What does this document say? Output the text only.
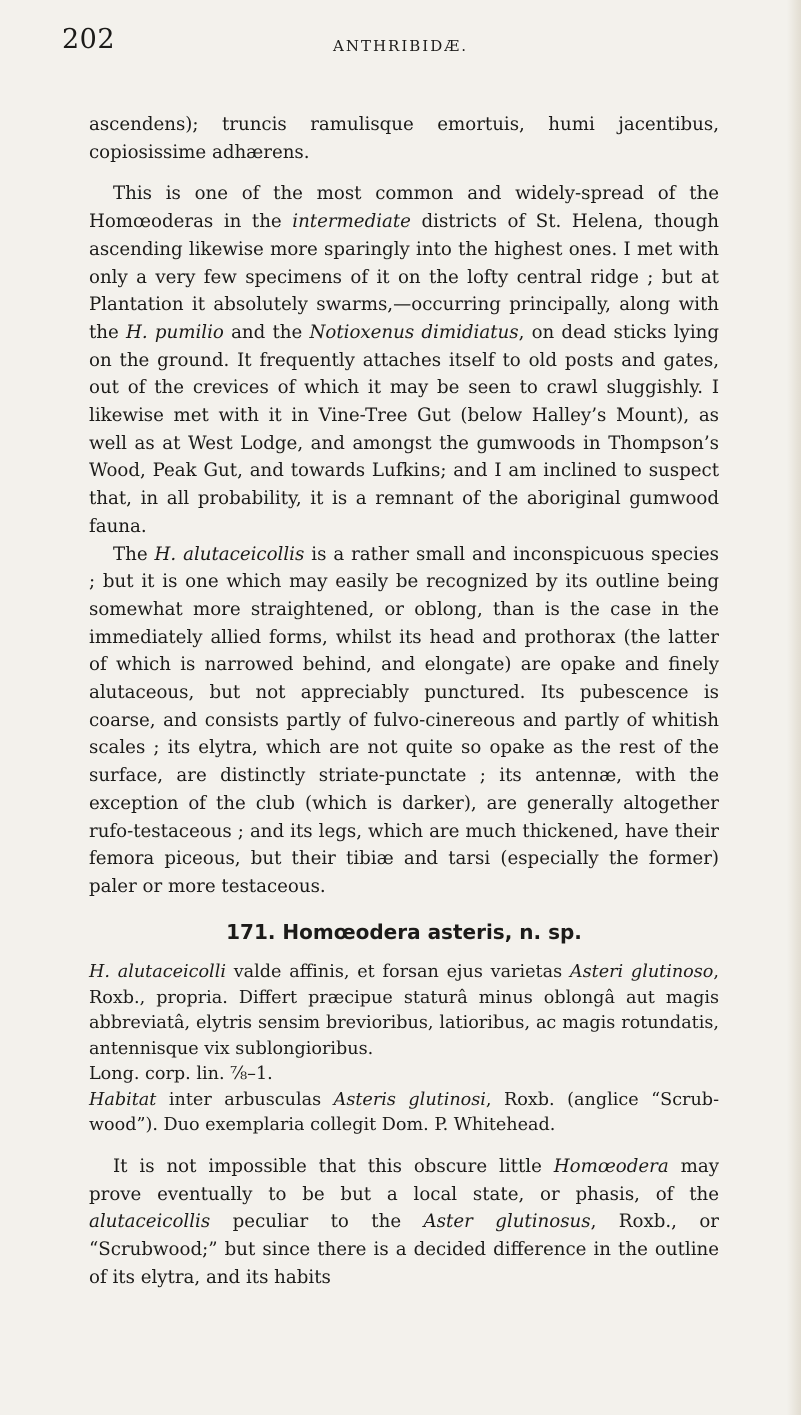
202	ANTHRIBIDÆ.

ascendens); truncis ramulisque emortuis, humi jacentibus, copiosissime adhærens.

This is one of the most common and widely-spread of the Homœoderas in the intermediate districts of St. Helena, though ascending likewise more sparingly into the highest ones. I met with only a very few specimens of it on the lofty central ridge ; but at Plantation it absolutely swarms,—occurring principally, along with the H. pumilio and the Notioxenus dimidiatus, on dead sticks lying on the ground. It frequently attaches itself to old posts and gates, out of the crevices of which it may be seen to crawl sluggishly. I likewise met with it in Vine-Tree Gut (below Halley’s Mount), as well as at West Lodge, and amongst the gumwoods in Thompson’s Wood, Peak Gut, and towards Lufkins; and I am inclined to suspect that, in all probability, it is a remnant of the aboriginal gumwood fauna.

The H. alutaceicollis is a rather small and inconspicuous species ; but it is one which may easily be recognized by its outline being somewhat more straightened, or oblong, than is the case in the immediately allied forms, whilst its head and prothorax (the latter of which is narrowed behind, and elongate) are opake and finely alutaceous, but not appreciably punctured. Its pubescence is coarse, and consists partly of fulvo-cinereous and partly of whitish scales ; its elytra, which are not quite so opake as the rest of the surface, are distinctly striate-punctate ; its antennæ, with the exception of the club (which is darker), are generally altogether rufo-testaceous ; and its legs, which are much thickened, have their femora piceous, but their tibiæ and tarsi (especially the former) paler or more testaceous.

171. Homœodera asteris, n. sp.

H. alutaceicolli valde affinis, et forsan ejus varietas Asteri glutinoso, Roxb., propria. Differt præcipue staturâ minus oblongâ aut magis abbreviatâ, elytris sensim brevioribus, latioribus, ac magis rotundatis, antennisque vix sublongioribus.

Long. corp. lin. ⅞–1.

Habitat inter arbusculas Asteris glutinosi, Roxb. (anglice “Scrubwood”). Duo exemplaria collegit Dom. P. Whitehead.

It is not impossible that this obscure little Homœodera may prove eventually to be but a local state, or phasis, of the alutaceicollis peculiar to the Aster glutinosus, Roxb., or “Scrubwood;” but since there is a decided difference in the outline of its elytra, and its habits
